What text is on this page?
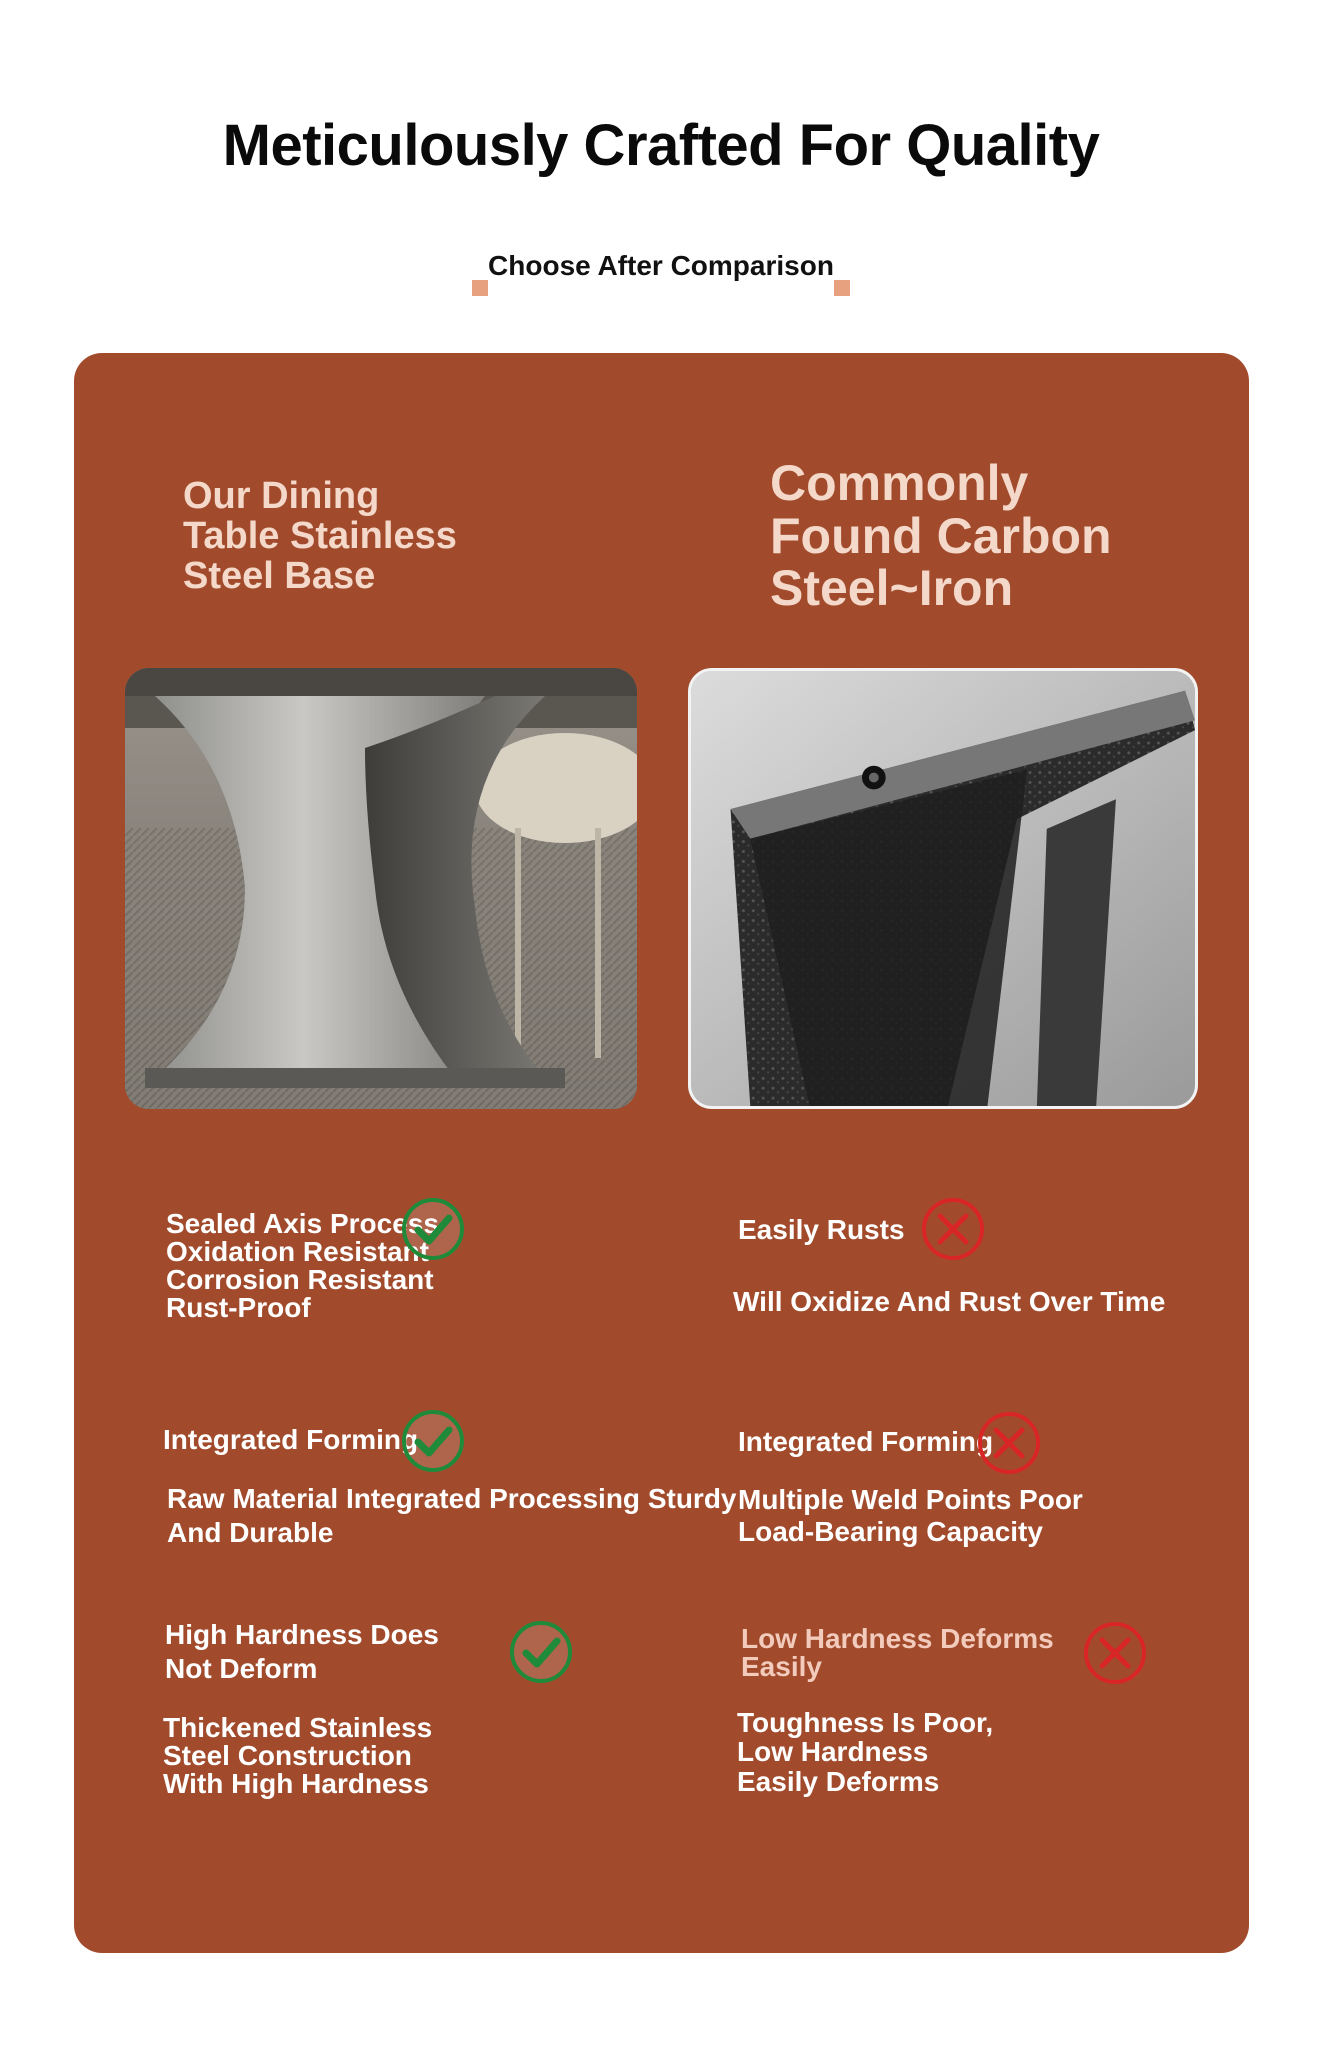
Meticulously Crafted For Quality
Choose After Comparison
Our Dining
Table Stainless
Steel Base
Commonly
Found Carbon
Steel~Iron
Sealed Axis Process
Oxidation Resistant
Corrosion Resistant
Rust-Proof
Integrated Forming
Raw Material Integrated Processing Sturdy
And Durable
High Hardness Does
Not Deform
Thickened Stainless
Steel Construction
With High Hardness
Easily Rusts
Will Oxidize And Rust Over Time
Integrated Forming
Multiple Weld Points Poor
Load-Bearing Capacity
Low Hardness Deforms
Easily
Toughness Is Poor,
Low Hardness
Easily Deforms
